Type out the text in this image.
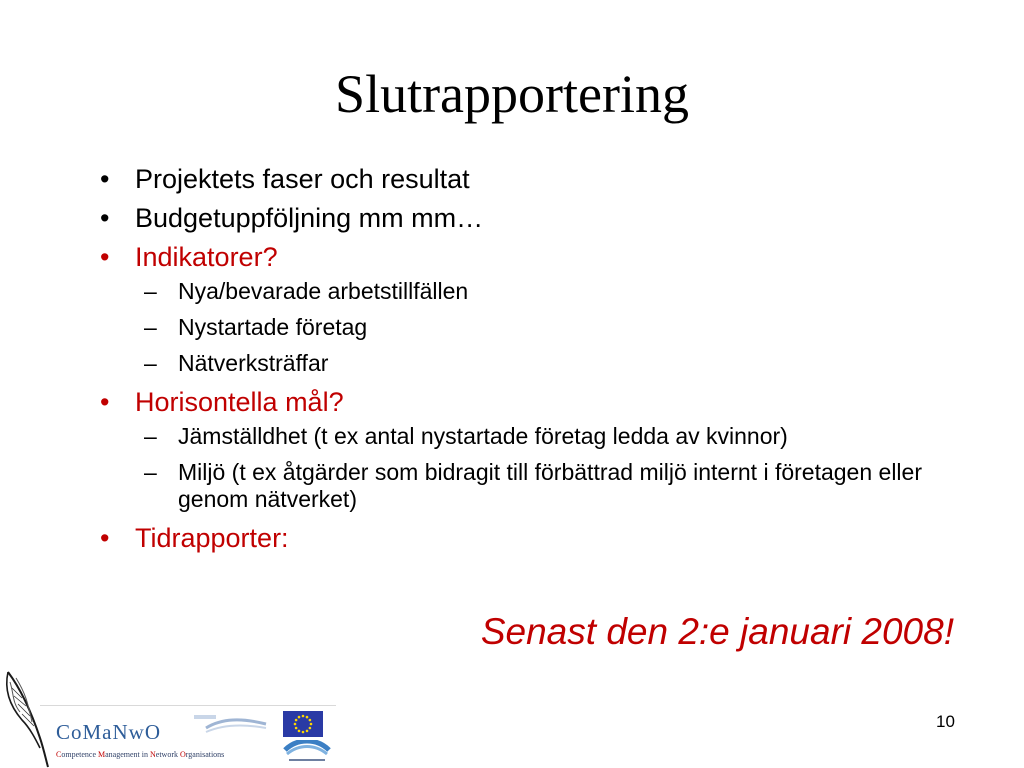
Slutrapportering
• Projektets faser och resultat
• Budgetuppföljning mm mm…
• Indikatorer?
– Nya/bevarade arbetstillfällen
– Nystartade företag
– Nätverksträffar
• Horisontella mål?
– Jämställdhet (t ex antal nystartade företag ledda av kvinnor)
– Miljö (t ex åtgärder som bidragit till förbättrad miljö internt i företagen eller genom nätverket)
• Tidrapporter:
Senast den 2:e januari 2008!
CoMaNwO
Competence Management in Network Organisations
10
